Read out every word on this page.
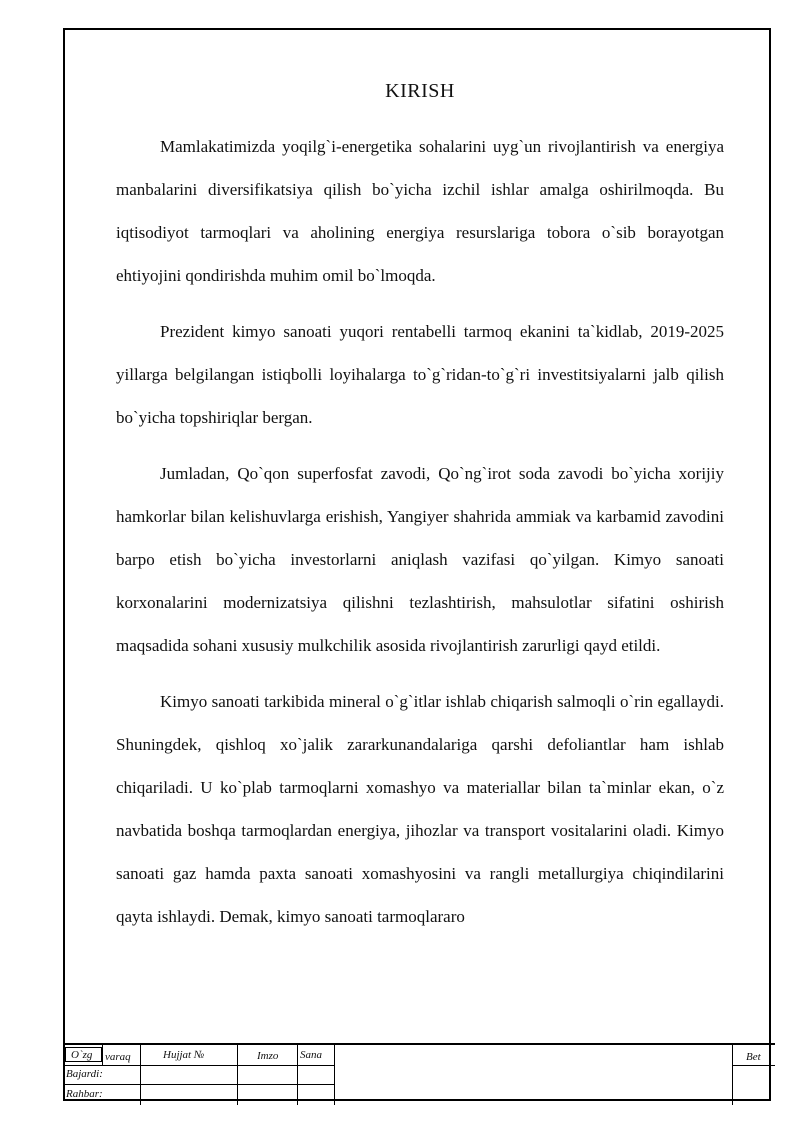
KIRISH

Mamlakatimizda yoqilg`i-energetika sohalarini uyg`un rivojlantirish va energiya manbalarini diversifikatsiya qilish bo`yicha izchil ishlar amalga oshirilmoqda. Bu iqtisodiyot tarmoqlari va aholining energiya resurslariga tobora o`sib borayotgan ehtiyojini qondirishda muhim omil bo`lmoqda.

Prezident kimyo sanoati yuqori rentabelli tarmoq ekanini ta`kidlab, 2019-2025 yillarga belgilangan istiqbolli loyihalarga to`g`ridan-to`g`ri investitsiyalarni jalb qilish bo`yicha topshiriqlar bergan.

Jumladan, Qo`qon superfosfat zavodi, Qo`ng`irot soda zavodi bo`yicha xorijiy hamkorlar bilan kelishuvlarga erishish, Yangiyer shahrida ammiak va karbamid zavodini barpo etish bo`yicha investorlarni aniqlash vazifasi qo`yilgan. Kimyo sanoati korxonalarini modernizatsiya qilishni tezlashtirish, mahsulotlar sifatini oshirish maqsadida sohani xususiy mulkchilik asosida rivojlantirish zarurligi qayd etildi.

Kimyo sanoati tarkibida mineral o`g`itlar ishlab chiqarish salmoqli o`rin egallaydi. Shuningdek, qishloq xo`jalik zararkunandalariga qarshi defoliantlar ham ishlab chiqariladi. U ko`plab tarmoqlarni xomashyo va materiallar bilan ta`minlar ekan, o`z navbatida boshqa tarmoqlardan energiya, jihozlar va transport vositalarini oladi. Kimyo sanoati gaz hamda paxta sanoati xomashyosini va rangli metallurgiya chiqindilarini qayta ishlaydi. Demak, kimyo sanoati tarmoqlararo

O`zg varaq	Hujjat №	Imzo Sana	Bet
Bajardi:
Rahbar:
